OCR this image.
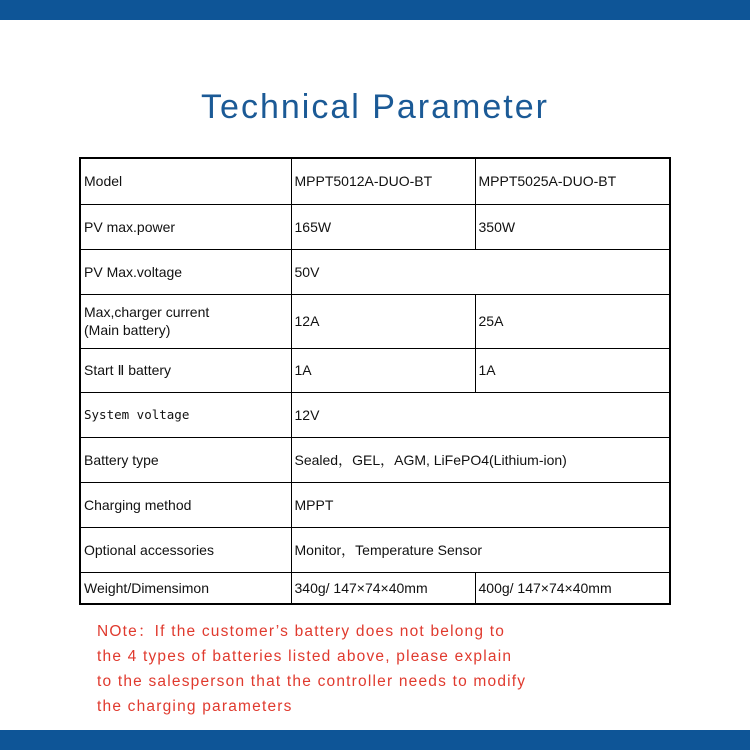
Technical Parameter
Model	MPPT5012A-DUO-BT	MPPT5025A-DUO-BT
PV max.power	165W	350W
PV Max.voltage	50V	
Max,charger current
(Main battery)	12A	25A
Start Ⅱ battery	1A	1A
System voltage	12V	
Battery type	Sealed，GEL，AGM, LiFePO4(Lithium-ion)	
Charging method	MPPT	
Optional accessories	Monitor，Temperature Sensor	
Weight/Dimensimon	340g/ 147×74×40mm	400g/ 147×74×40mm
NOte：If the customer’s battery does not belong to
the 4 types of batteries listed above, please explain
to the salesperson that the controller needs to modify
the charging parameters
